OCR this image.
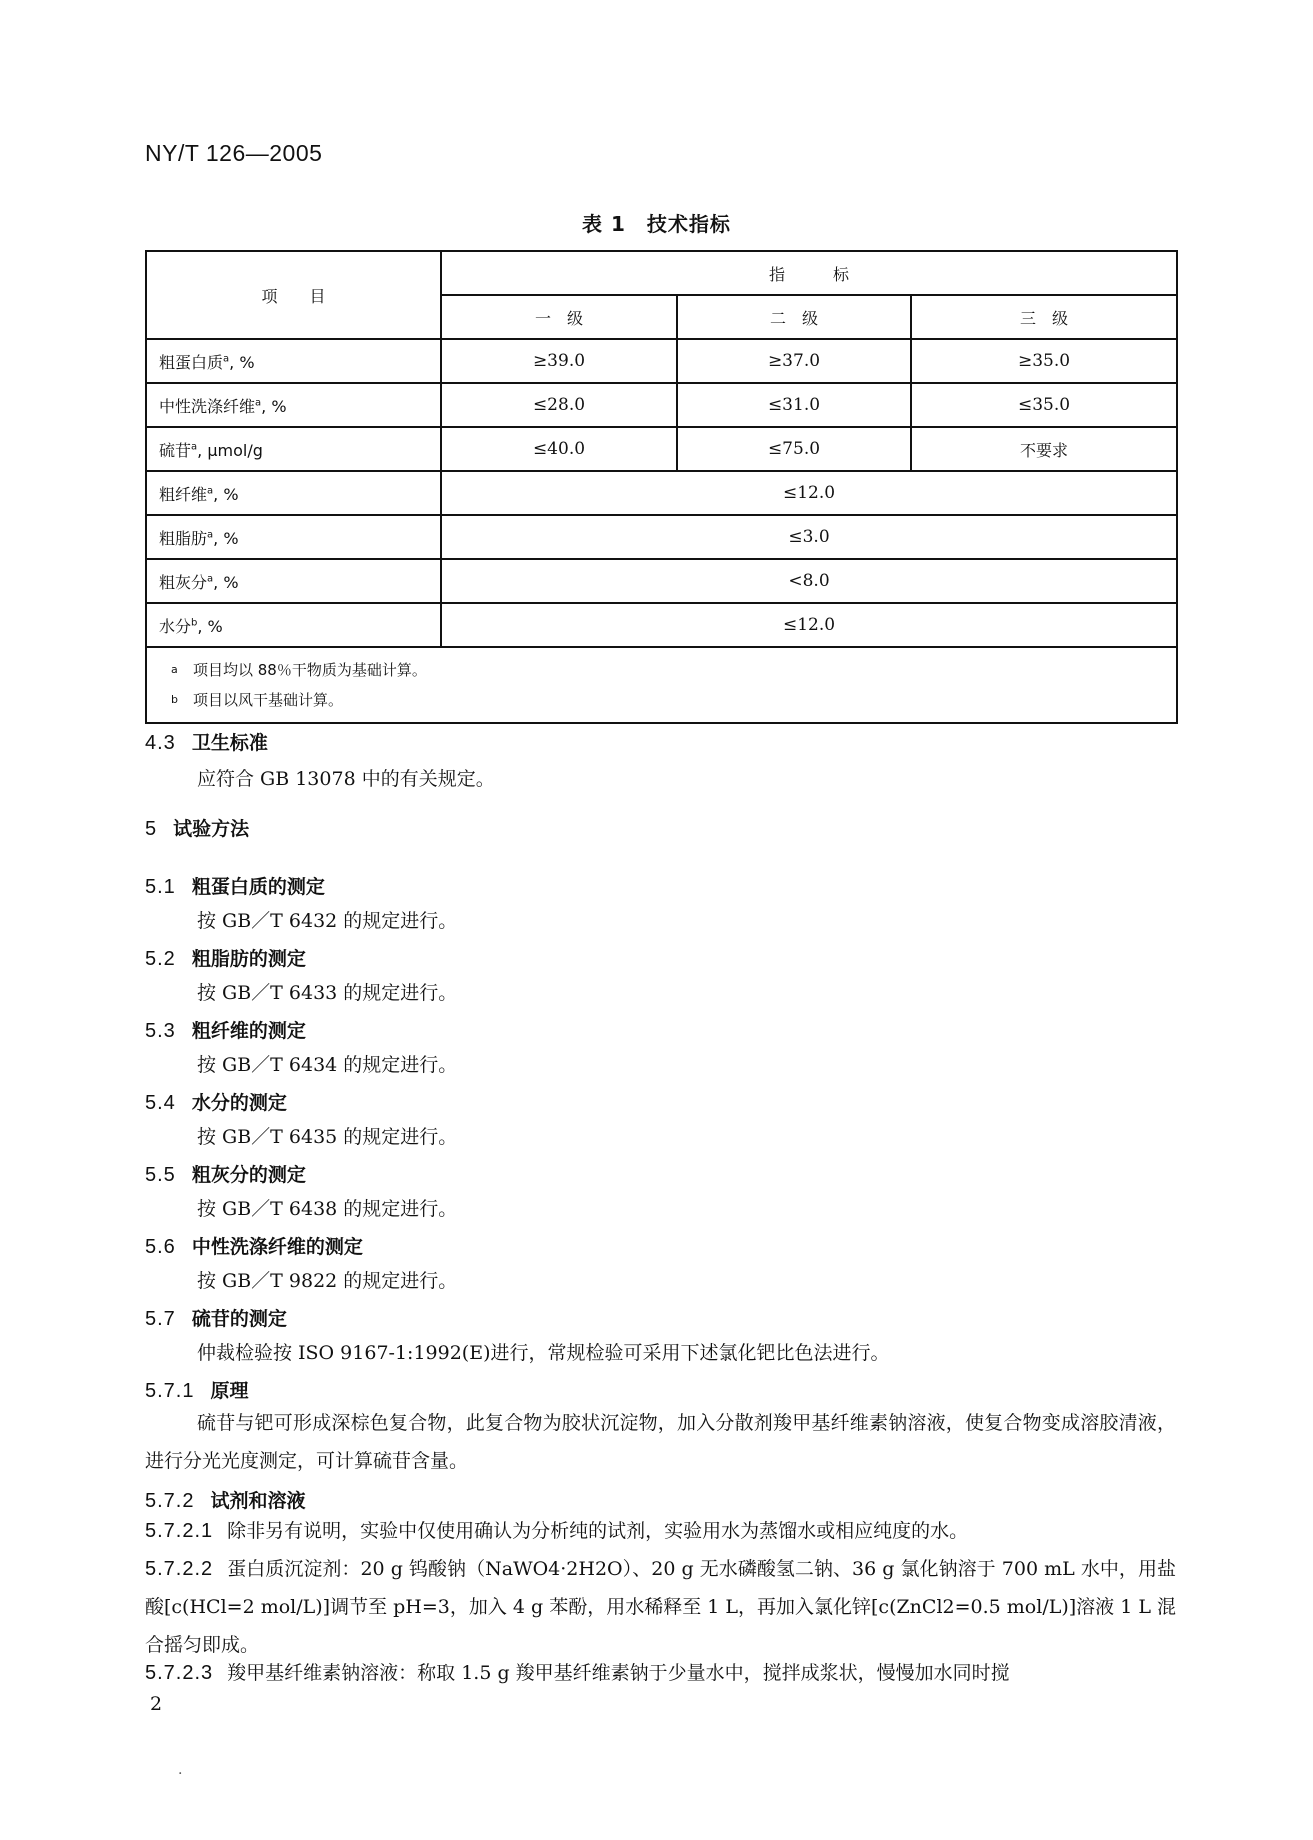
NY/T 126—2005
表 1　技术指标
项　　目	指　　　标		
	一　级	二　级	三　级
粗蛋白质$^a$, %	≥39.0	≥37.0	≥35.0
中性洗涤纤维$^a$, %	≤28.0	≤31.0	≤35.0
硫苷$^a$, μmol/g	≤40.0	≤75.0	不要求
粗纤维$^a$, %	≤12.0		
粗脂肪$^a$, %	≤3.0		
粗灰分$^a$, %	<8.0		
水分$^b$, %	≤12.0		

a 项目均以 88％干物质为基础计算。
b 项目以风干基础计算。			
4.3 卫生标准
应符合 GB 13078 中的有关规定。
5 试验方法
5.1 粗蛋白质的测定
按 GB／T 6432 的规定进行。
5.2 粗脂肪的测定
按 GB／T 6433 的规定进行。
5.3 粗纤维的测定
按 GB／T 6434 的规定进行。
5.4 水分的测定
按 GB／T 6435 的规定进行。
5.5 粗灰分的测定
按 GB／T 6438 的规定进行。
5.6 中性洗涤纤维的测定
按 GB／T 9822 的规定进行。
5.7 硫苷的测定
仲裁检验按 ISO 9167-1:1992(E)进行，常规检验可采用下述氯化钯比色法进行。
5.7.1 原理
硫苷与钯可形成深棕色复合物，此复合物为胶状沉淀物，加入分散剂羧甲基纤维素钠溶液，使复合物变成溶胶清液，进行分光光度测定，可计算硫苷含量。
5.7.2 试剂和溶液
5.7.2.1 除非另有说明，实验中仅使用确认为分析纯的试剂，实验用水为蒸馏水或相应纯度的水。
5.7.2.2 蛋白质沉淀剂：20 g 钨酸钠（NaWO4·2H2O）、20 g 无水磷酸氢二钠、36 g 氯化钠溶于 700 mL 水中，用盐酸[c(HCl=2 mol/L)]调节至 pH=3，加入 4 g 苯酚，用水稀释至 1 L，再加入氯化锌[c(ZnCl2=0.5 mol/L)]溶液 1 L 混合摇匀即成。
5.7.2.3 羧甲基纤维素钠溶液：称取 1.5 g 羧甲基纤维素钠于少量水中，搅拌成浆状，慢慢加水同时搅
2
.
